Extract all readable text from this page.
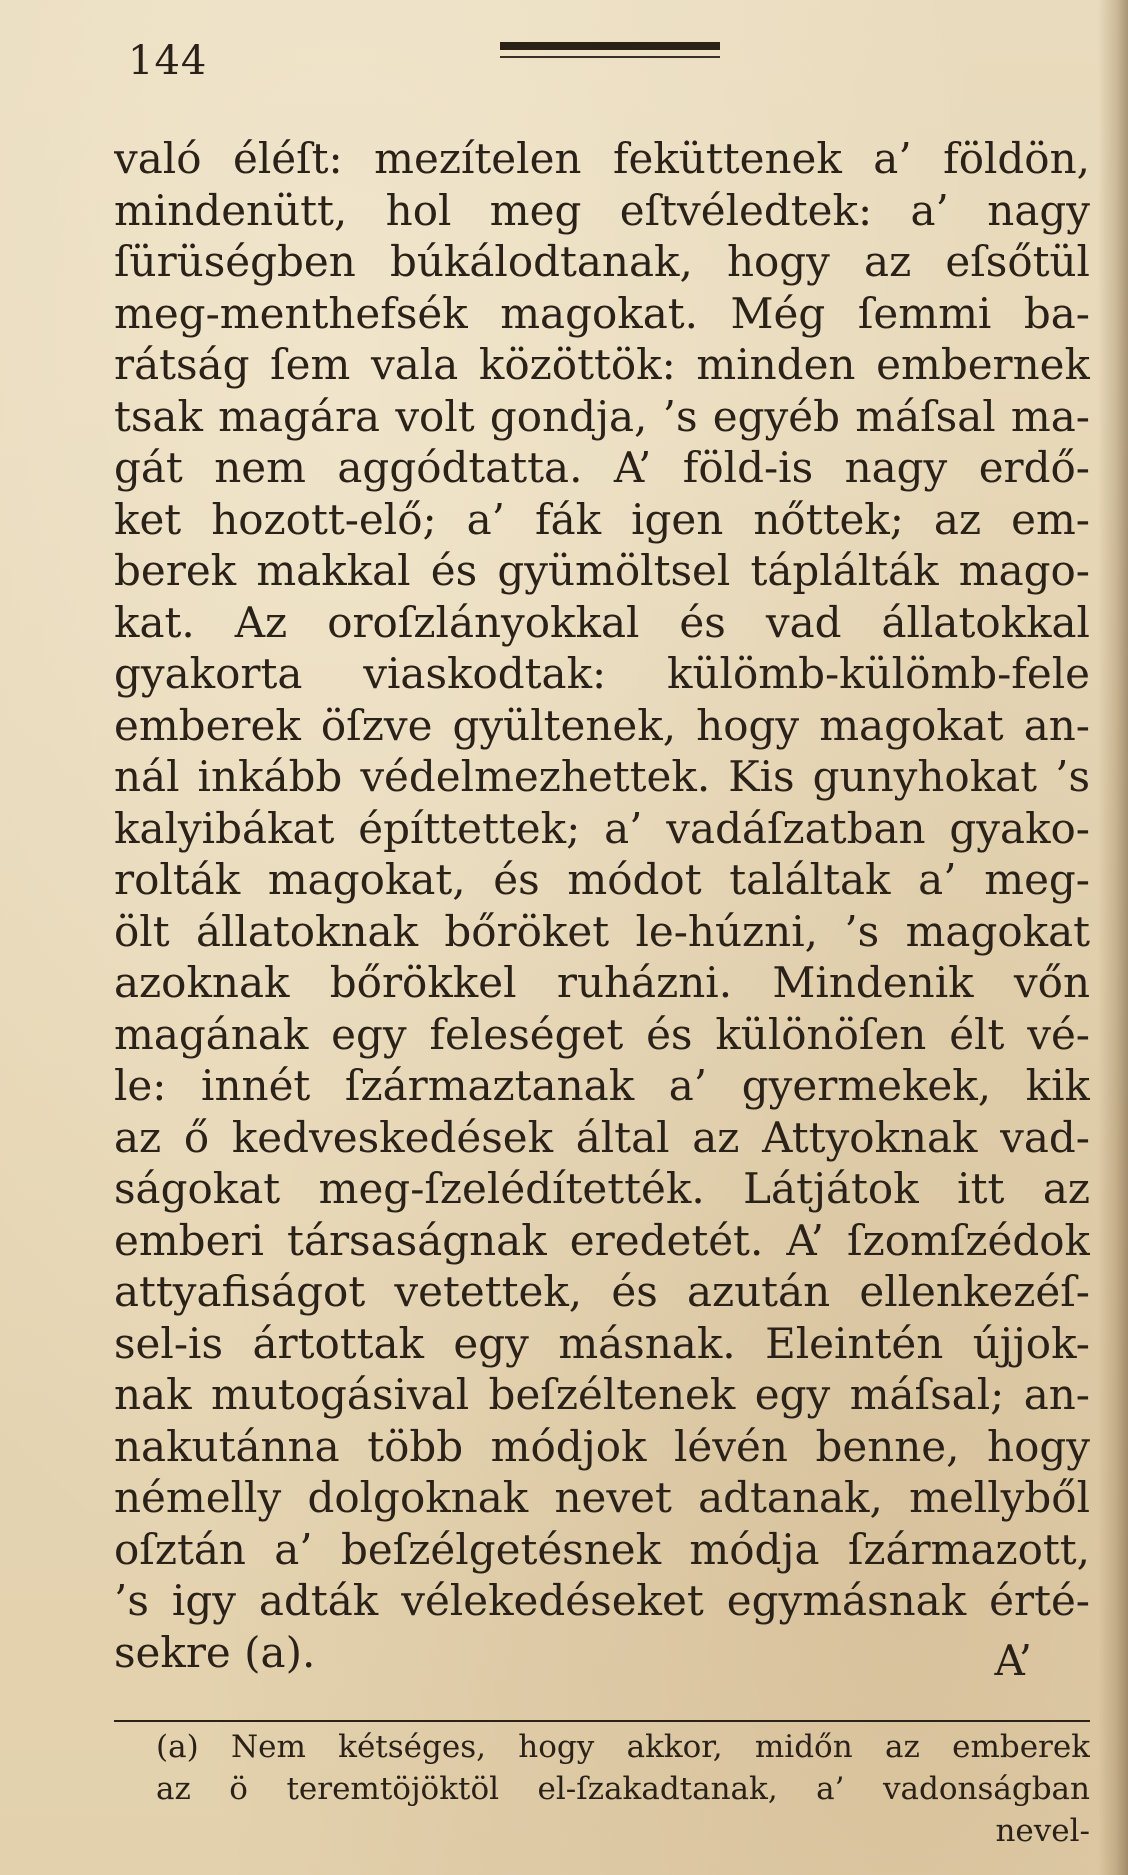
144
való éléſt: mezítelen feküttenek a’ földön,
mindenütt, hol meg eſtvéledtek: a’ nagy
ſürüségben búkálodtanak, hogy az eſsőtül
meg-menthefsék magokat. Még ſemmi ba-
rátság ſem vala közöttök: minden embernek
tsak magára volt gondja, ’s egyéb máſsal ma-
gát nem aggódtatta. A’ föld-is nagy erdő-
ket hozott-elő; a’ fák igen nőttek; az em-
berek makkal és gyümöltsel táplálták mago-
kat. Az oroſzlányokkal és vad állatokkal
gyakorta viaskodtak: külömb-külömb-fele
emberek öſzve gyültenek, hogy magokat an-
nál inkább védelmezhettek. Kis gunyhokat ’s
kalyibákat építtettek; a’ vadáſzatban gyako-
rolták magokat, és módot találtak a’ meg-
ölt állatoknak bőröket le-húzni, ’s magokat
azoknak bőrökkel ruházni. Mindenik vőn
magának egy feleséget és különöſen élt vé-
le: innét ſzármaztanak a’ gyermekek, kik
az ő kedveskedések által az Attyoknak vad-
ságokat meg-ſzelédítették. Látjátok itt az
emberi társaságnak eredetét. A’ ſzomſzédok
attyafiságot vetettek, és azután ellenkezéſ-
sel-is ártottak egy másnak. Eleintén újjok-
nak mutogásival beſzéltenek egy máſsal; an-
nakutánna több módjok lévén benne, hogy
némelly dolgoknak nevet adtanak, mellyből
oſztán a’ beſzélgetésnek módja ſzármazott,
’s igy adták vélekedéseket egymásnak érté-
sekre (a).	A’
(a) Nem kétséges, hogy akkor, midőn az emberek
az ö teremtöjöktöl el-ſzakadtanak, a’ vadonságban
nevel-
